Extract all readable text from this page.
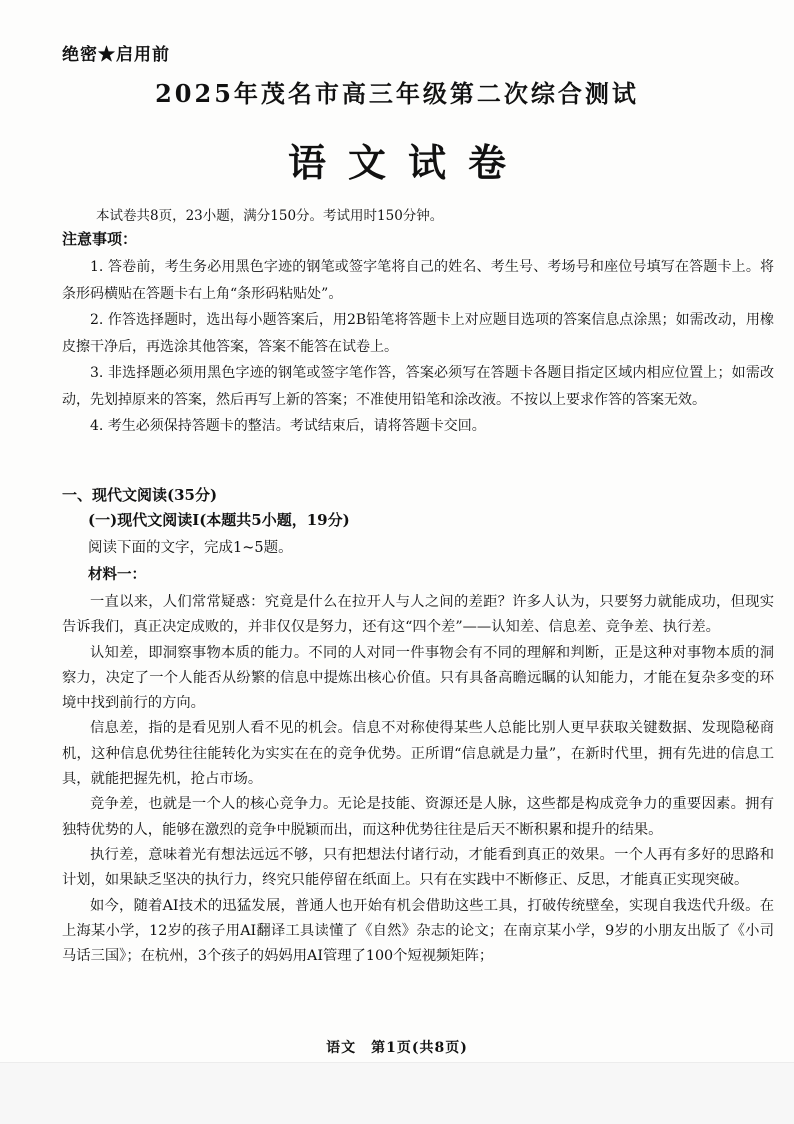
绝密★启用前
2025年茂名市高三年级第二次综合测试
语文试卷
本试卷共8页，23小题，满分150分。考试用时150分钟。
注意事项：

1. 答卷前，考生务必用黑色字迹的钢笔或签字笔将自己的姓名、考生号、考场号和座位号填写在答题卡上。将条形码横贴在答题卡右上角“条形码粘贴处”。

2. 作答选择题时，选出每小题答案后，用2B铅笔将答题卡上对应题目选项的答案信息点涂黑；如需改动，用橡皮擦干净后，再选涂其他答案，答案不能答在试卷上。

3. 非选择题必须用黑色字迹的钢笔或签字笔作答，答案必须写在答题卡各题目指定区域内相应位置上；如需改动，先划掉原来的答案，然后再写上新的答案；不准使用铅笔和涂改液。不按以上要求作答的答案无效。

4. 考生必须保持答题卡的整洁。考试结束后，请将答题卡交回。

一、现代文阅读(35分)
(一)现代文阅读Ⅰ(本题共5小题，19分)
阅读下面的文字，完成1~5题。
材料一：

一直以来，人们常常疑惑：究竟是什么在拉开人与人之间的差距？许多人认为，只要努力就能成功，但现实告诉我们，真正决定成败的，并非仅仅是努力，还有这“四个差”——认知差、信息差、竞争差、执行差。

认知差，即洞察事物本质的能力。不同的人对同一件事物会有不同的理解和判断，正是这种对事物本质的洞察力，决定了一个人能否从纷繁的信息中提炼出核心价值。只有具备高瞻远瞩的认知能力，才能在复杂多变的环境中找到前行的方向。

信息差，指的是看见别人看不见的机会。信息不对称使得某些人总能比别人更早获取关键数据、发现隐秘商机，这种信息优势往往能转化为实实在在的竞争优势。正所谓“信息就是力量”，在新时代里，拥有先进的信息工具，就能把握先机，抢占市场。

竞争差，也就是一个人的核心竞争力。无论是技能、资源还是人脉，这些都是构成竞争力的重要因素。拥有独特优势的人，能够在激烈的竞争中脱颖而出，而这种优势往往是后天不断积累和提升的结果。

执行差，意味着光有想法远远不够，只有把想法付诸行动，才能看到真正的效果。一个人再有多好的思路和计划，如果缺乏坚决的执行力，终究只能停留在纸面上。只有在实践中不断修正、反思，才能真正实现突破。

如今，随着AI技术的迅猛发展，普通人也开始有机会借助这些工具，打破传统壁垒，实现自我迭代升级。在上海某小学，12岁的孩子用AI翻译工具读懂了《自然》杂志的论文；在南京某小学，9岁的小朋友出版了《小司马话三国》；在杭州，3个孩子的妈妈用AI管理了100个短视频矩阵；

语文　第1页(共8页)
